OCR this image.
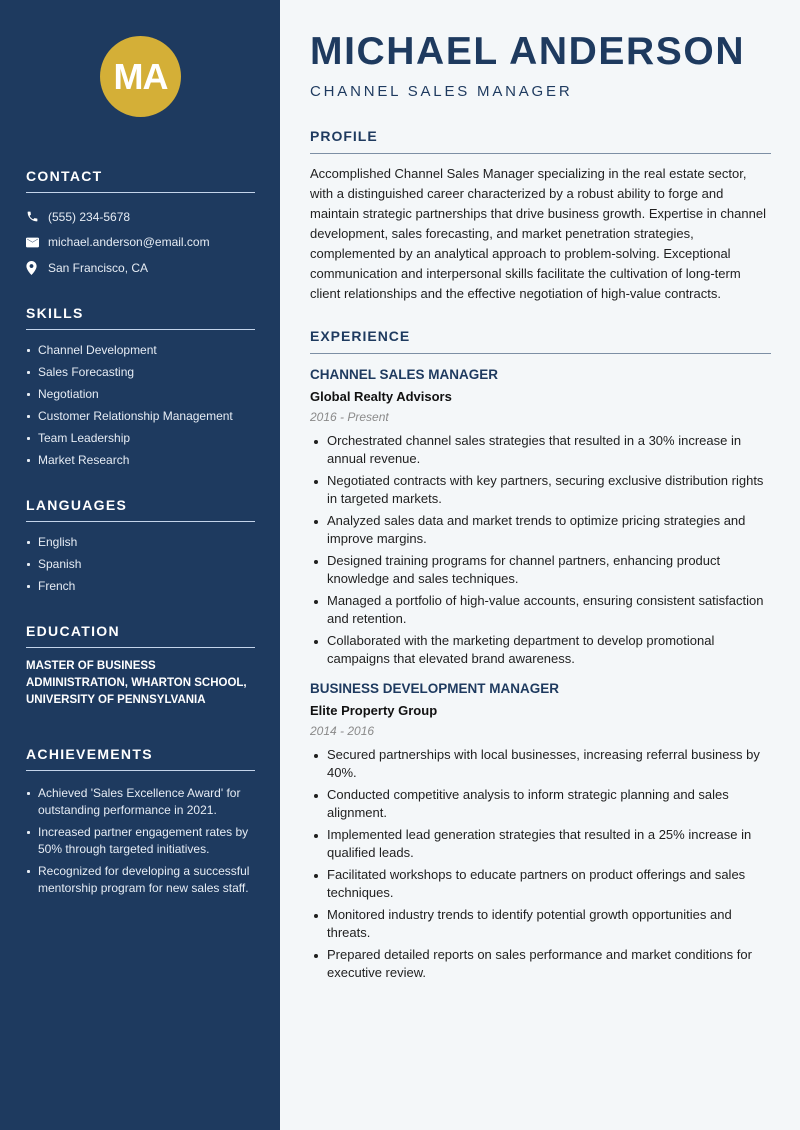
MA
CONTACT
(555) 234-5678
michael.anderson@email.com
San Francisco, CA
SKILLS
Channel Development
Sales Forecasting
Negotiation
Customer Relationship Management
Team Leadership
Market Research
LANGUAGES
English
Spanish
French
EDUCATION

MASTER OF BUSINESS ADMINISTRATION, WHARTON SCHOOL, UNIVERSITY OF PENNSYLVANIA

ACHIEVEMENTS
Achieved 'Sales Excellence Award' for outstanding performance in 2021.
Increased partner engagement rates by 50% through targeted initiatives.
Recognized for developing a successful mentorship program for new sales staff.
MICHAEL ANDERSON
CHANNEL SALES MANAGER
PROFILE

Accomplished Channel Sales Manager specializing in the real estate sector, with a distinguished career characterized by a robust ability to forge and maintain strategic partnerships that drive business growth. Expertise in channel development, sales forecasting, and market penetration strategies, complemented by an analytical approach to problem-solving. Exceptional communication and interpersonal skills facilitate the cultivation of long-term client relationships and the effective negotiation of high-value contracts.

EXPERIENCE
CHANNEL SALES MANAGER
Global Realty Advisors
2016 - Present
Orchestrated channel sales strategies that resulted in a 30% increase in annual revenue.
Negotiated contracts with key partners, securing exclusive distribution rights in targeted markets.
Analyzed sales data and market trends to optimize pricing strategies and improve margins.
Designed training programs for channel partners, enhancing product knowledge and sales techniques.
Managed a portfolio of high-value accounts, ensuring consistent satisfaction and retention.
Collaborated with the marketing department to develop promotional campaigns that elevated brand awareness.
BUSINESS DEVELOPMENT MANAGER
Elite Property Group
2014 - 2016
Secured partnerships with local businesses, increasing referral business by 40%.
Conducted competitive analysis to inform strategic planning and sales alignment.
Implemented lead generation strategies that resulted in a 25% increase in qualified leads.
Facilitated workshops to educate partners on product offerings and sales techniques.
Monitored industry trends to identify potential growth opportunities and threats.
Prepared detailed reports on sales performance and market conditions for executive review.
